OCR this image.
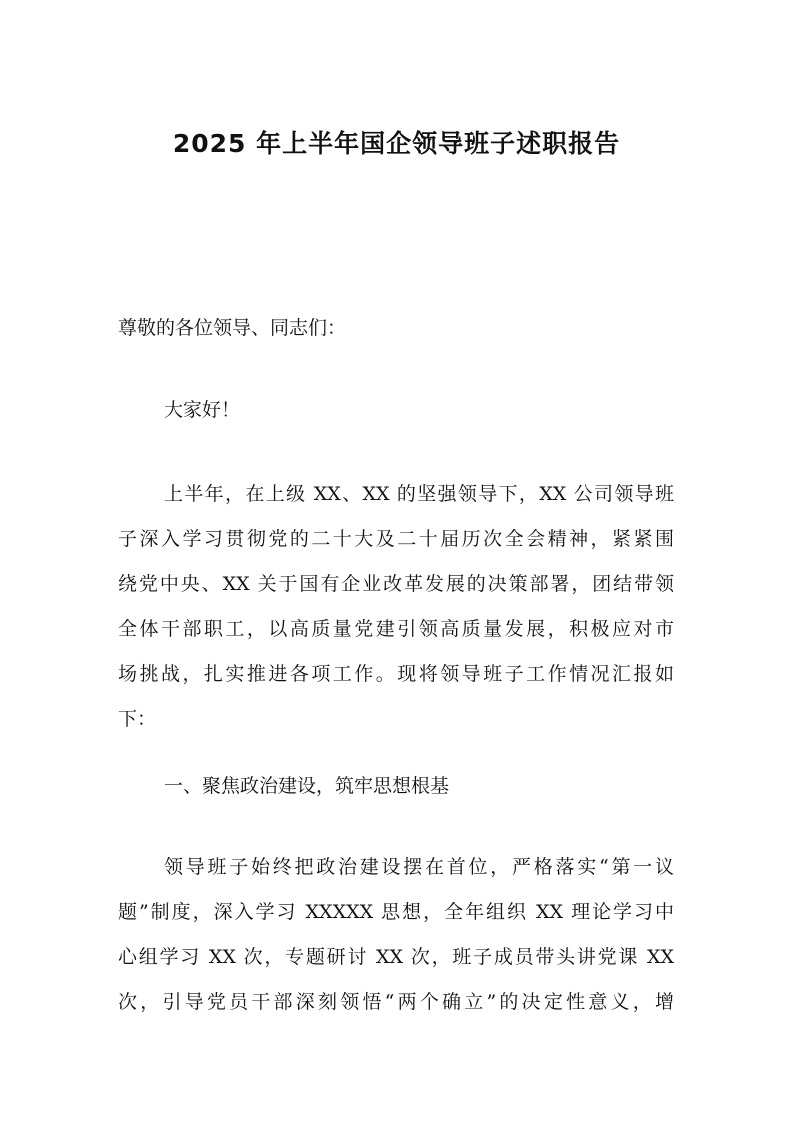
2025 年上半年国企领导班子述职报告
尊敬的各位领导、同志们：
大家好！
上半年，在上级 XX、XX 的坚强领导下，XX 公司领导班
子深入学习贯彻党的二十大及二十届历次全会精神，紧紧围
绕党中央、XX 关于国有企业改革发展的决策部署，团结带领
全体干部职工，以高质量党建引领高质量发展，积极应对市
场挑战，扎实推进各项工作。现将领导班子工作情况汇报如
下：
一、聚焦政治建设，筑牢思想根基
领导班子始终把政治建设摆在首位，严格落实“第一议
题”制度，深入学习 XXXXX 思想，全年组织 XX 理论学习中
心组学习 XX 次，专题研讨 XX 次，班子成员带头讲党课 XX
次，引导党员干部深刻领悟“两个确立”的决定性意义，增
